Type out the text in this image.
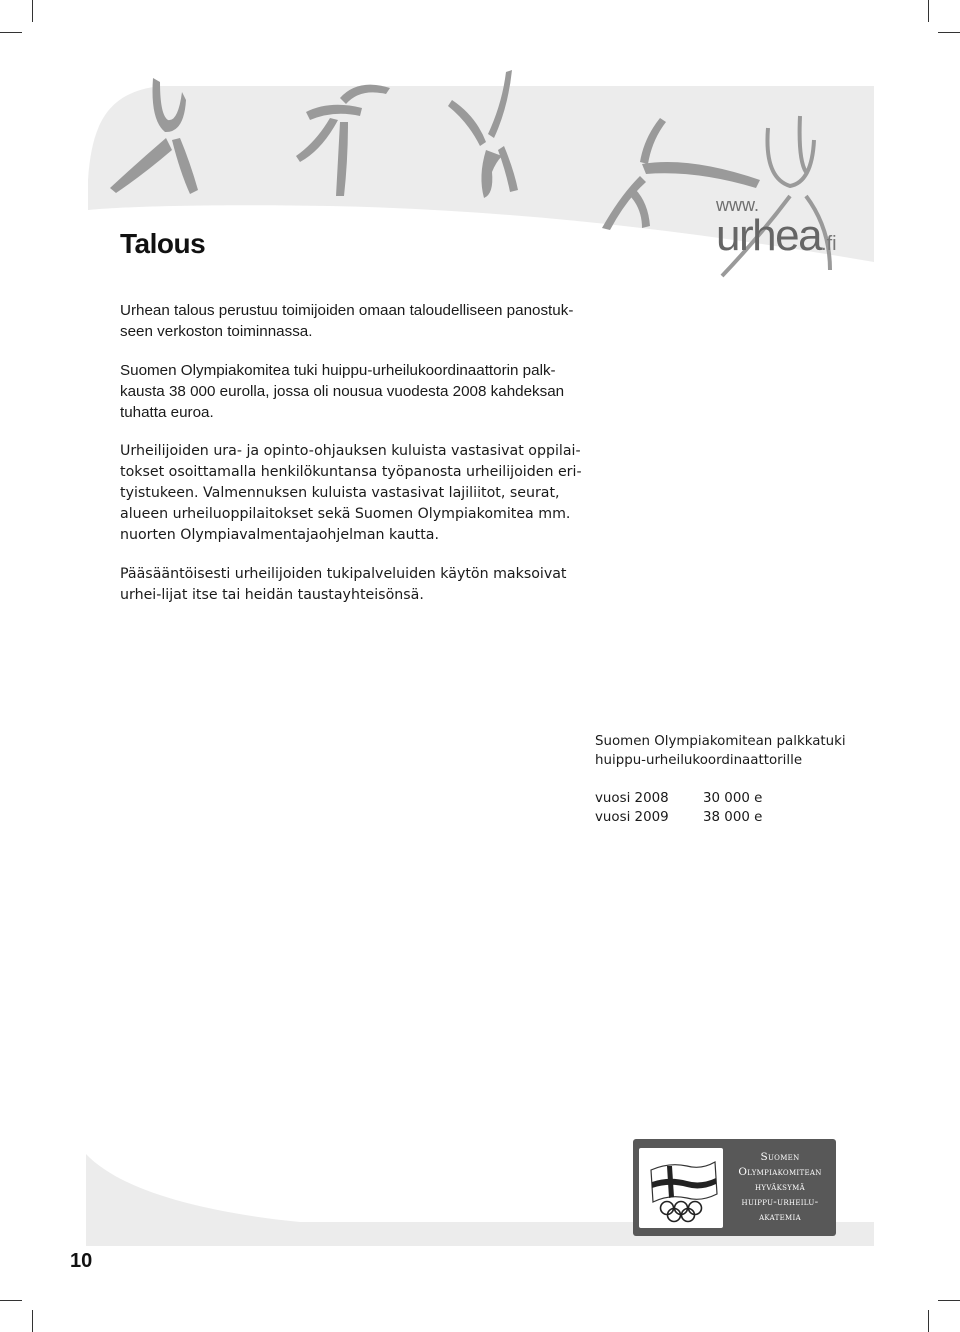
Talous
www.
urhea.fi

Urhean talous perustuu toimijoiden omaan taloudelliseen panostuk-seen verkoston toiminnassa.

Suomen Olympiakomitea tuki huippu-urheilukoordinaattorin palk-kausta 38 000 eurolla, jossa oli nousua vuodesta 2008 kahdeksan tuhatta euroa.

Urheilijoiden ura- ja opinto-ohjauksen kuluista vastasivat oppilai-tokset osoittamalla henkilökuntansa työpanosta urheilijoiden eri-tyistukeen. Valmennuksen kuluista vastasivat lajiliitot, seurat, alueen urheiluoppilaitokset sekä Suomen Olympiakomitea mm. nuorten Olympiavalmentajaohjelman kautta.

Pääsääntöisesti urheilijoiden tukipalveluiden käytön maksoivat urhei-lijat itse tai heidän taustayhteisönsä.

Suomen Olympiakomitean palkkatuki
huippu-urheilukoordinaattorille
vuosi 2008	30 000 e
vuosi 2009	38 000 e
Suomen
Olympiakomitean
hyväksymä
huippu-urheilu-
akatemia

10
